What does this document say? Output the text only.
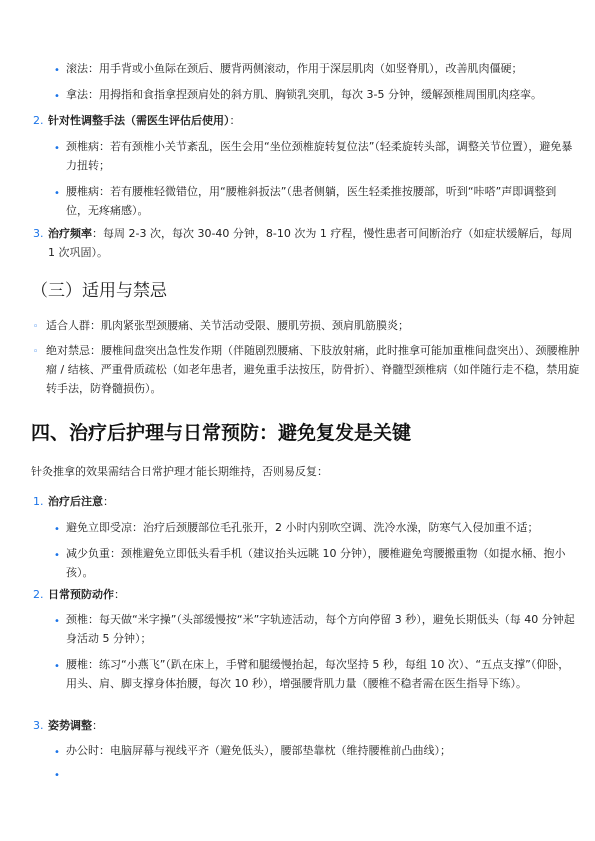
• 滚法：用手背或小鱼际在颈后、腰背两侧滚动，作用于深层肌肉（如竖脊肌），改善肌肉僵硬；

• 拿法：用拇指和食指拿捏颈肩处的斜方肌、胸锁乳突肌，每次 3-5 分钟，缓解颈椎周围肌肉痉挛。

2. 针对性调整手法（需医生评估后使用）：
• 颈椎病：若有颈椎小关节紊乱，医生会用“坐位颈椎旋转复位法”（轻柔旋转头部，调整关节位置），避免暴力扭转；

• 腰椎病：若有腰椎轻微错位，用“腰椎斜扳法”（患者侧躺，医生轻柔推按腰部，听到“咔嗒”声即调整到位，无疼痛感）。

3. 治疗频率：每周 2-3 次，每次 30-40 分钟，8-10 次为 1 疗程，慢性患者可间断治疗（如症状缓解后，每周 1 次巩固）。

（三）适用与禁忌
◦ 适合人群：肌肉紧张型颈腰痛、关节活动受限、腰肌劳损、颈肩肌筋膜炎；

◦ 绝对禁忌：腰椎间盘突出急性发作期（伴随剧烈腰痛、下肢放射痛，此时推拿可能加重椎间盘突出）、颈腰椎肿瘤 / 结核、严重骨质疏松（如老年患者，避免重手法按压，防骨折）、脊髓型颈椎病（如伴随行走不稳，禁用旋转手法，防脊髓损伤）。

四、治疗后护理与日常预防：避免复发是关键

针灸推拿的效果需结合日常护理才能长期维持，否则易反复：

1. 治疗后注意：
• 避免立即受凉：治疗后颈腰部位毛孔张开，2 小时内别吹空调、洗冷水澡，防寒气入侵加重不适；

• 减少负重：颈椎避免立即低头看手机（建议抬头远眺 10 分钟），腰椎避免弯腰搬重物（如提水桶、抱小孩）。

2. 日常预防动作：
• 颈椎：每天做“米字操”（头部缓慢按“米”字轨迹活动，每个方向停留 3 秒），避免长期低头（每 40 分钟起身活动 5 分钟）；

• 腰椎：练习“小燕飞”（趴在床上，手臂和腿缓慢抬起，每次坚持 5 秒，每组 10 次）、“五点支撑”（仰卧，用头、肩、脚支撑身体抬腰，每次 10 秒），增强腰背肌力量（腰椎不稳者需在医生指导下练）。

3. 姿势调整：
• 办公时：电脑屏幕与视线平齐（避免低头），腰部垫靠枕（维持腰椎前凸曲线）；

•
